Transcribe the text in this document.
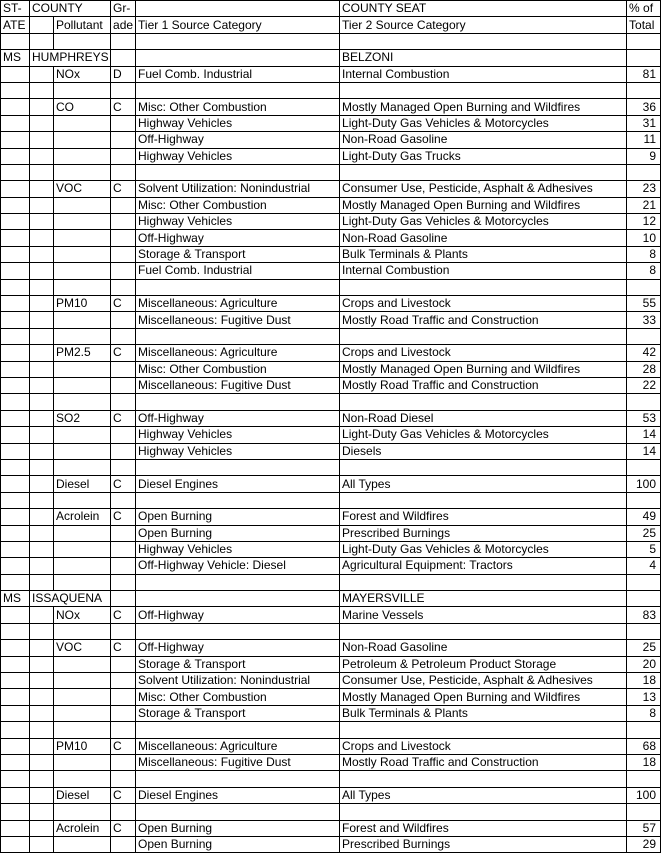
ST-	COUNTY		Gr-		COUNTY SEAT	% of
ATE		Pollutant	ade	Tier 1 Source Category	Tier 2 Source Category	Total

MS	HUMPHREYS				BELZONI	
		NOx	D	Fuel Comb. Industrial	Internal Combustion	81

		CO	C	Misc: Other Combustion	Mostly Managed Open Burning and Wildfires	36
				Highway Vehicles	Light-Duty Gas Vehicles & Motorcycles	31
				Off-Highway	Non-Road Gasoline	11
				Highway Vehicles	Light-Duty Gas Trucks	9

		VOC	C	Solvent Utilization: Nonindustrial	Consumer Use, Pesticide, Asphalt & Adhesives	23
				Misc: Other Combustion	Mostly Managed Open Burning and Wildfires	21
				Highway Vehicles	Light-Duty Gas Vehicles & Motorcycles	12
				Off-Highway	Non-Road Gasoline	10
				Storage & Transport	Bulk Terminals & Plants	8
				Fuel Comb. Industrial	Internal Combustion	8

		PM10	C	Miscellaneous: Agriculture	Crops and Livestock	55
				Miscellaneous: Fugitive Dust	Mostly Road Traffic and Construction	33

		PM2.5	C	Miscellaneous: Agriculture	Crops and Livestock	42
				Misc: Other Combustion	Mostly Managed Open Burning and Wildfires	28
				Miscellaneous: Fugitive Dust	Mostly Road Traffic and Construction	22

		SO2	C	Off-Highway	Non-Road Diesel	53
				Highway Vehicles	Light-Duty Gas Vehicles & Motorcycles	14
				Highway Vehicles	Diesels	14

		Diesel	C	Diesel Engines	All Types	100

		Acrolein	C	Open Burning	Forest and Wildfires	49
				Open Burning	Prescribed Burnings	25
				Highway Vehicles	Light-Duty Gas Vehicles & Motorcycles	5
				Off-Highway Vehicle: Diesel	Agricultural Equipment: Tractors	4

MS	ISSAQUENA				MAYERSVILLE	
		NOx	C	Off-Highway	Marine Vessels	83

		VOC	C	Off-Highway	Non-Road Gasoline	25
				Storage & Transport	Petroleum & Petroleum Product Storage	20
				Solvent Utilization: Nonindustrial	Consumer Use, Pesticide, Asphalt & Adhesives	18
				Misc: Other Combustion	Mostly Managed Open Burning and Wildfires	13
				Storage & Transport	Bulk Terminals & Plants	8

		PM10	C	Miscellaneous: Agriculture	Crops and Livestock	68
				Miscellaneous: Fugitive Dust	Mostly Road Traffic and Construction	18

		Diesel	C	Diesel Engines	All Types	100

		Acrolein	C	Open Burning	Forest and Wildfires	57
				Open Burning	Prescribed Burnings	29
